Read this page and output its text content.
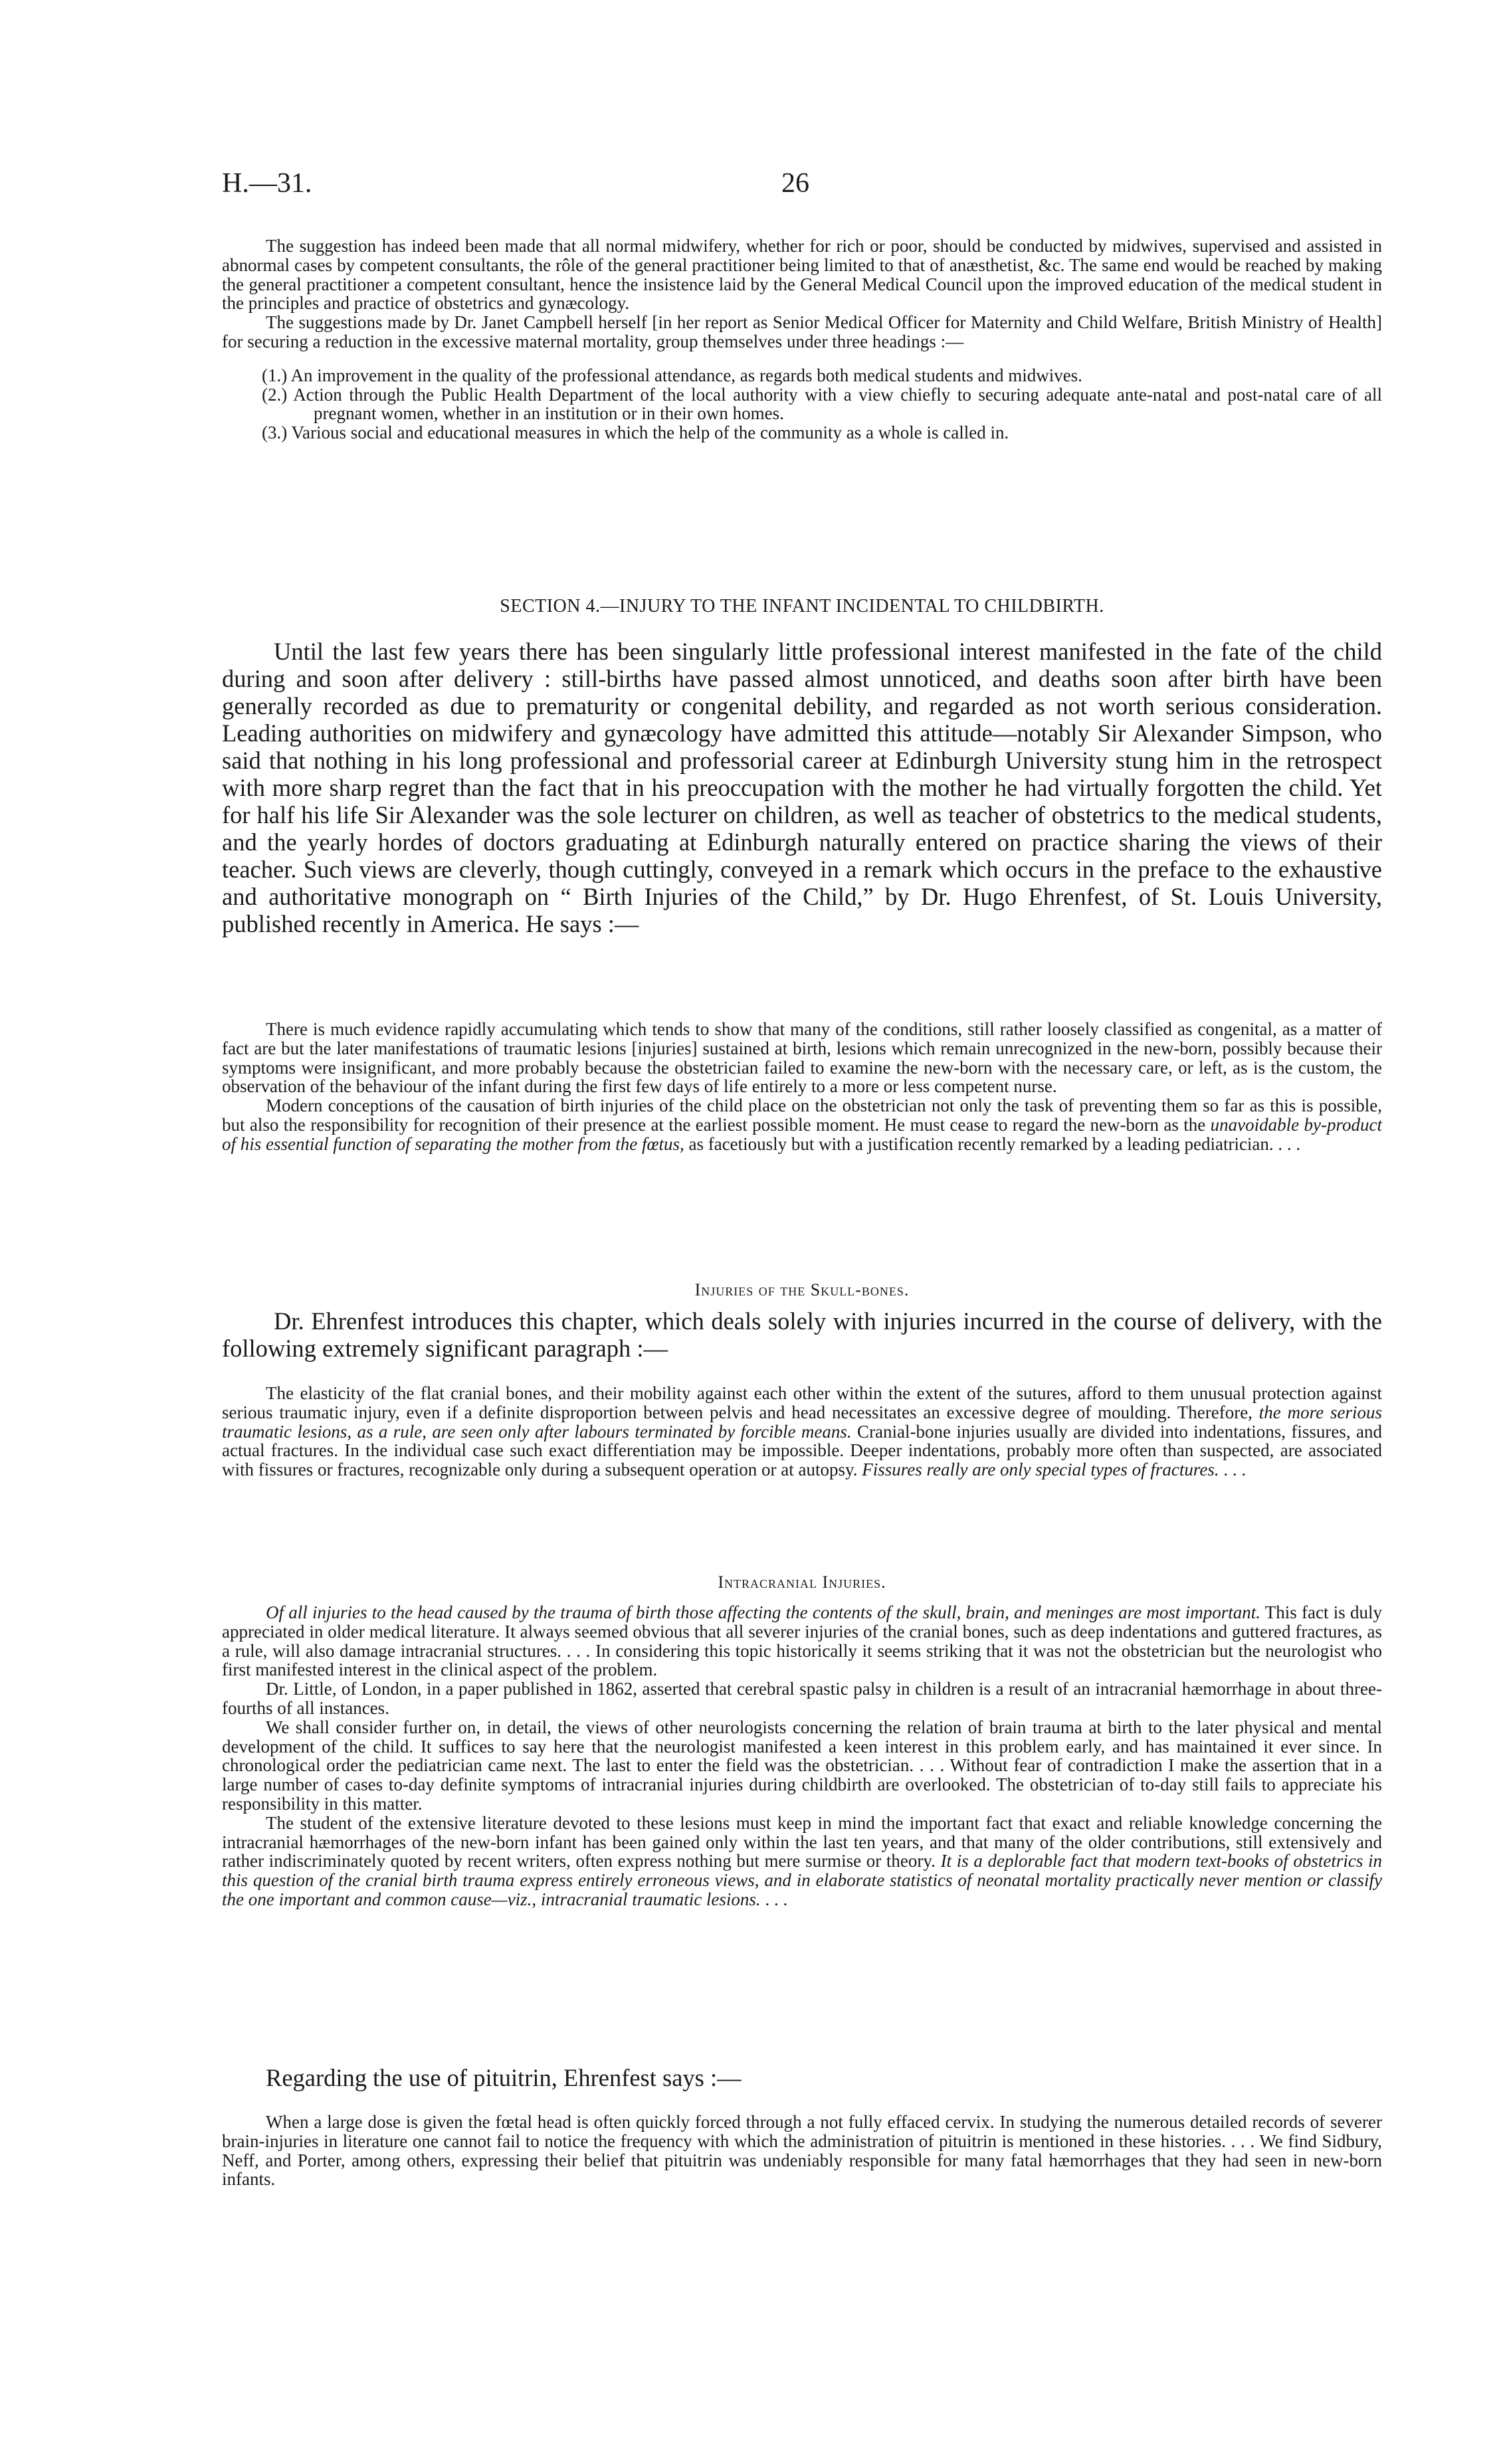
H.—31.	26

The suggestion has indeed been made that all normal midwifery, whether for rich or poor, should be conducted by midwives, supervised and assisted in abnormal cases by competent consultants, the rôle of the general practitioner being limited to that of anæsthetist, &c. The same end would be reached by making the general practitioner a competent consultant, hence the insistence laid by the General Medical Council upon the improved education of the medical student in the principles and practice of obstetrics and gynæcology.

The suggestions made by Dr. Janet Campbell herself [in her report as Senior Medical Officer for Maternity and Child Welfare, British Ministry of Health] for securing a reduction in the excessive maternal mortality, group themselves under three headings :—

(1.) An improvement in the quality of the professional attendance, as regards both medical students and midwives.
(2.) Action through the Public Health Department of the local authority with a view chiefly to securing adequate ante-natal and post-natal care of all pregnant women, whether in an institution or in their own homes.
(3.) Various social and educational measures in which the help of the community as a whole is called in.
SECTION 4.—INJURY TO THE INFANT INCIDENTAL TO CHILDBIRTH.

Until the last few years there has been singularly little professional interest manifested in the fate of the child during and soon after delivery : still-births have passed almost unnoticed, and deaths soon after birth have been generally recorded as due to prematurity or congenital debility, and regarded as not worth serious consideration. Leading authorities on midwifery and gynæcology have admitted this attitude—notably Sir Alexander Simpson, who said that nothing in his long professional and professorial career at Edinburgh University stung him in the retrospect with more sharp regret than the fact that in his preoccupation with the mother he had virtually forgotten the child. Yet for half his life Sir Alexander was the sole lecturer on children, as well as teacher of obstetrics to the medical students, and the yearly hordes of doctors graduating at Edinburgh naturally entered on practice sharing the views of their teacher. Such views are cleverly, though cuttingly, conveyed in a remark which occurs in the preface to the exhaustive and authoritative monograph on “ Birth Injuries of the Child,” by Dr. Hugo Ehrenfest, of St. Louis University, published recently in America. He says :—

There is much evidence rapidly accumulating which tends to show that many of the conditions, still rather loosely classified as congenital, as a matter of fact are but the later manifestations of traumatic lesions [injuries] sustained at birth, lesions which remain unrecognized in the new-born, possibly because their symptoms were insignificant, and more probably because the obstetrician failed to examine the new-born with the necessary care, or left, as is the custom, the observation of the behaviour of the infant during the first few days of life entirely to a more or less competent nurse.

Modern conceptions of the causation of birth injuries of the child place on the obstetrician not only the task of preventing them so far as this is possible, but also the responsibility for recognition of their presence at the earliest possible moment. He must cease to regard the new-born as the unavoidable by-product of his essential function of separating the mother from the fœtus, as facetiously but with a justification recently remarked by a leading pediatrician. . . .

Injuries of the Skull-bones.

Dr. Ehrenfest introduces this chapter, which deals solely with injuries incurred in the course of delivery, with the following extremely significant paragraph :—

The elasticity of the flat cranial bones, and their mobility against each other within the extent of the sutures, afford to them unusual protection against serious traumatic injury, even if a definite disproportion between pelvis and head necessitates an excessive degree of moulding. Therefore, the more serious traumatic lesions, as a rule, are seen only after labours terminated by forcible means. Cranial-bone injuries usually are divided into indentations, fissures, and actual fractures. In the individual case such exact differentiation may be impossible. Deeper indentations, probably more often than suspected, are associated with fissures or fractures, recognizable only during a subsequent operation or at autopsy. Fissures really are only special types of fractures. . . .

Intracranial Injuries.

Of all injuries to the head caused by the trauma of birth those affecting the contents of the skull, brain, and meninges are most important. This fact is duly appreciated in older medical literature. It always seemed obvious that all severer injuries of the cranial bones, such as deep indentations and guttered fractures, as a rule, will also damage intracranial structures. . . . In considering this topic historically it seems striking that it was not the obstetrician but the neurologist who first manifested interest in the clinical aspect of the problem.

Dr. Little, of London, in a paper published in 1862, asserted that cerebral spastic palsy in children is a result of an intracranial hæmorrhage in about three-fourths of all instances.

We shall consider further on, in detail, the views of other neurologists concerning the relation of brain trauma at birth to the later physical and mental development of the child. It suffices to say here that the neurologist manifested a keen interest in this problem early, and has maintained it ever since. In chronological order the pediatrician came next. The last to enter the field was the obstetrician. . . . Without fear of contradiction I make the assertion that in a large number of cases to-day definite symptoms of intracranial injuries during childbirth are overlooked. The obstetrician of to-day still fails to appreciate his responsibility in this matter.

The student of the extensive literature devoted to these lesions must keep in mind the important fact that exact and reliable knowledge concerning the intracranial hæmorrhages of the new-born infant has been gained only within the last ten years, and that many of the older contributions, still extensively and rather indiscriminately quoted by recent writers, often express nothing but mere surmise or theory. It is a deplorable fact that modern text-books of obstetrics in this question of the cranial birth trauma express entirely erroneous views, and in elaborate statistics of neonatal mortality practically never mention or classify the one important and common cause—viz., intracranial traumatic lesions. . . .

Regarding the use of pituitrin, Ehrenfest says :—

When a large dose is given the fœtal head is often quickly forced through a not fully effaced cervix. In studying the numerous detailed records of severer brain-injuries in literature one cannot fail to notice the frequency with which the administration of pituitrin is mentioned in these histories. . . . We find Sidbury, Neff, and Porter, among others, expressing their belief that pituitrin was undeniably responsible for many fatal hæmorrhages that they had seen in new-born infants.
